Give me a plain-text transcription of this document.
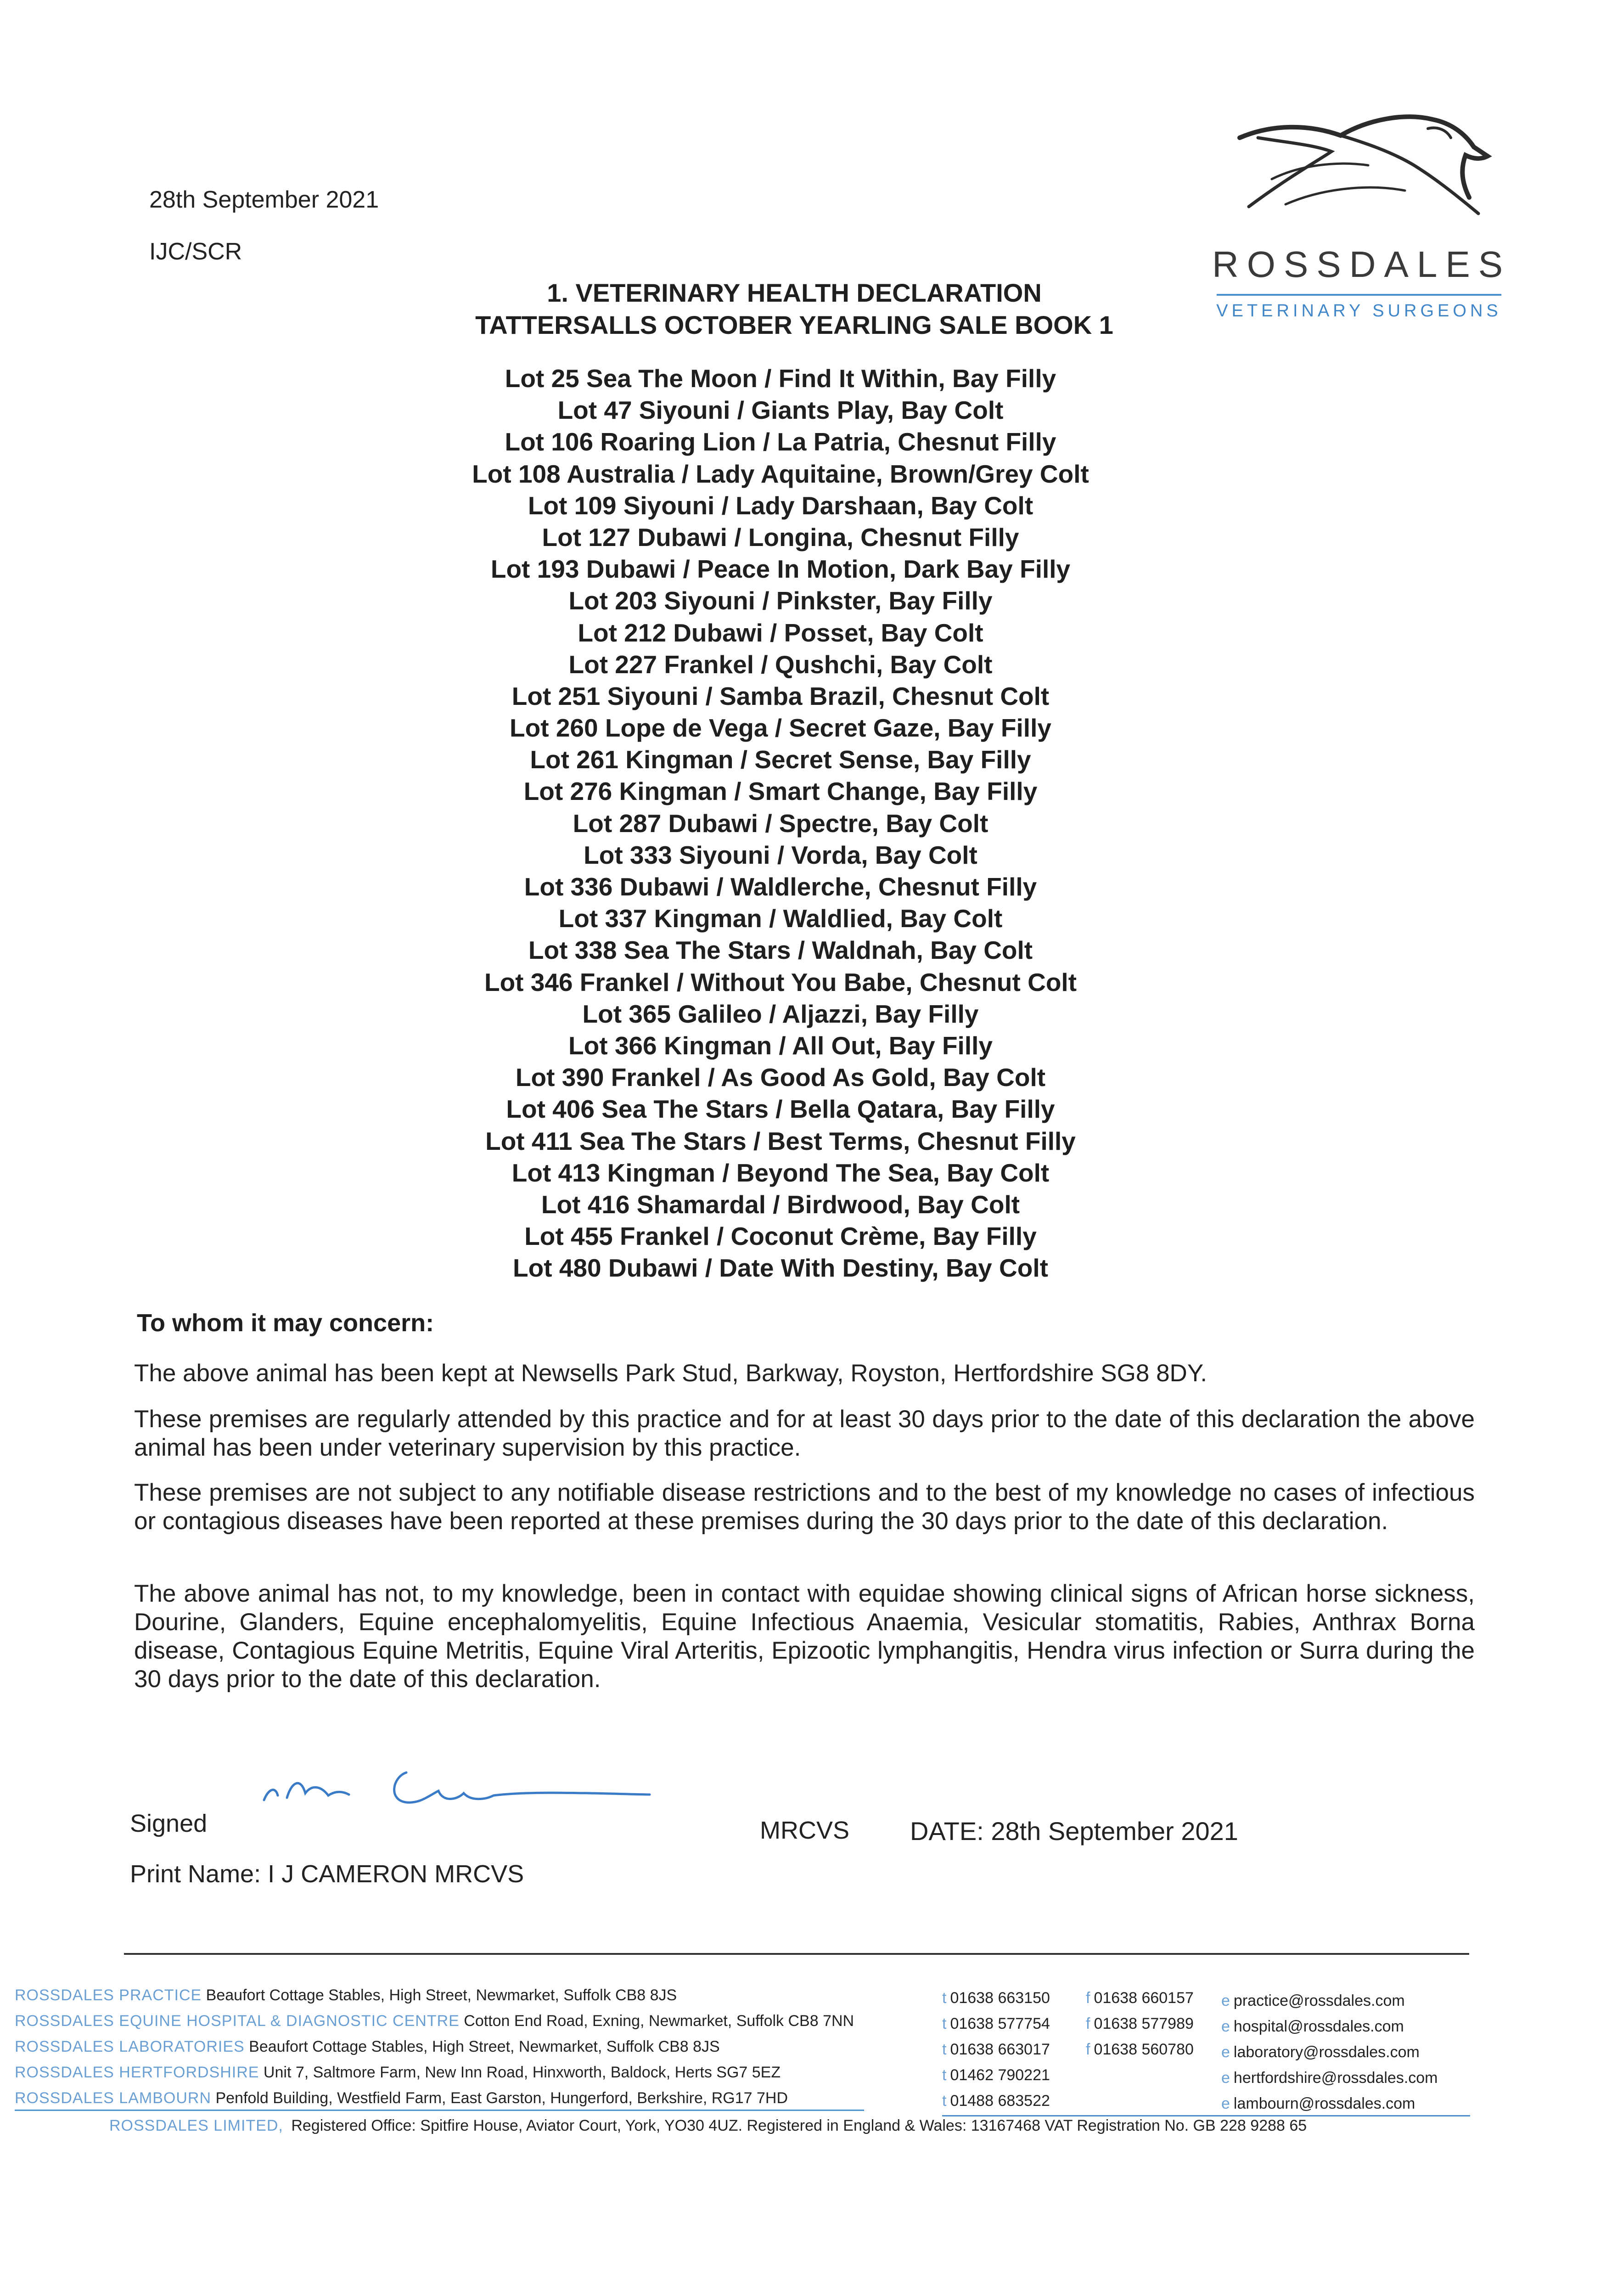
ROSSDALES
VETERINARY SURGEONS
28th September 2021
IJC/SCR
1. VETERINARY HEALTH DECLARATION
TATTERSALLS OCTOBER YEARLING SALE BOOK 1
Lot 25 Sea The Moon / Find It Within, Bay Filly
Lot 47 Siyouni / Giants Play, Bay Colt
Lot 106 Roaring Lion / La Patria, Chesnut Filly
Lot 108 Australia / Lady Aquitaine, Brown/Grey Colt
Lot 109 Siyouni / Lady Darshaan, Bay Colt
Lot 127 Dubawi / Longina, Chesnut Filly
Lot 193 Dubawi / Peace In Motion, Dark Bay Filly
Lot 203 Siyouni / Pinkster, Bay Filly
Lot 212 Dubawi / Posset, Bay Colt
Lot 227 Frankel / Qushchi, Bay Colt
Lot 251 Siyouni / Samba Brazil, Chesnut Colt
Lot 260 Lope de Vega / Secret Gaze, Bay Filly
Lot 261 Kingman / Secret Sense, Bay Filly
Lot 276 Kingman / Smart Change, Bay Filly
Lot 287 Dubawi / Spectre, Bay Colt
Lot 333 Siyouni / Vorda, Bay Colt
Lot 336 Dubawi / Waldlerche, Chesnut Filly
Lot 337 Kingman / Waldlied, Bay Colt
Lot 338 Sea The Stars / Waldnah, Bay Colt
Lot 346 Frankel / Without You Babe, Chesnut Colt
Lot 365 Galileo / Aljazzi, Bay Filly
Lot 366 Kingman / All Out, Bay Filly
Lot 390 Frankel / As Good As Gold, Bay Colt
Lot 406 Sea The Stars / Bella Qatara, Bay Filly
Lot 411 Sea The Stars / Best Terms, Chesnut Filly
Lot 413 Kingman / Beyond The Sea, Bay Colt
Lot 416 Shamardal / Birdwood, Bay Colt
Lot 455 Frankel / Coconut Crème, Bay Filly
Lot 480 Dubawi / Date With Destiny, Bay Colt
To whom it may concern:
The above animal has been kept at Newsells Park Stud, Barkway, Royston, Hertfordshire SG8 8DY.
These premises are regularly attended by this practice and for at least 30 days prior to the date of this declaration the above animal has been under veterinary supervision by this practice.
These premises are not subject to any notifiable disease restrictions and to the best of my knowledge no cases of infectious or contagious diseases have been reported at these premises during the 30 days prior to the date of this declaration.
The above animal has not, to my knowledge, been in contact with equidae showing clinical signs of African horse sickness, Dourine, Glanders, Equine encephalomyelitis, Equine Infectious Anaemia, Vesicular stomatitis, Rabies, Anthrax Borna disease, Contagious Equine Metritis, Equine Viral Arteritis, Epizootic lymphangitis, Hendra virus infection or Surra during the 30 days prior to the date of this declaration.
Signed	MRCVS DATE: 28th September 2021
Print Name: I J CAMERON MRCVS
ROSSDALES PRACTICE Beaufort Cottage Stables, High Street, Newmarket, Suffolk CB8 8JS
ROSSDALES EQUINE HOSPITAL & DIAGNOSTIC CENTRE Cotton End Road, Exning, Newmarket, Suffolk CB8 7NN
ROSSDALES LABORATORIES Beaufort Cottage Stables, High Street, Newmarket, Suffolk CB8 8JS
ROSSDALES HERTFORDSHIRE Unit 7, Saltmore Farm, New Inn Road, Hinxworth, Baldock, Herts SG7 5EZ
ROSSDALES LAMBOURN Penfold Building, Westfield Farm, East Garston, Hungerford, Berkshire, RG17 7HD
t 01638 663150
t 01638 577754
t 01638 663017
t 01462 790221
t 01488 683522
f 01638 660157
f 01638 577989
f 01638 560780
e practice@rossdales.com
e hospital@rossdales.com
e laboratory@rossdales.com
e hertfordshire@rossdales.com
e lambourn@rossdales.com
ROSSDALES LIMITED, Registered Office: Spitfire House, Aviator Court, York, YO30 4UZ. Registered in England & Wales: 13167468 VAT Registration No. GB 228 9288 65
